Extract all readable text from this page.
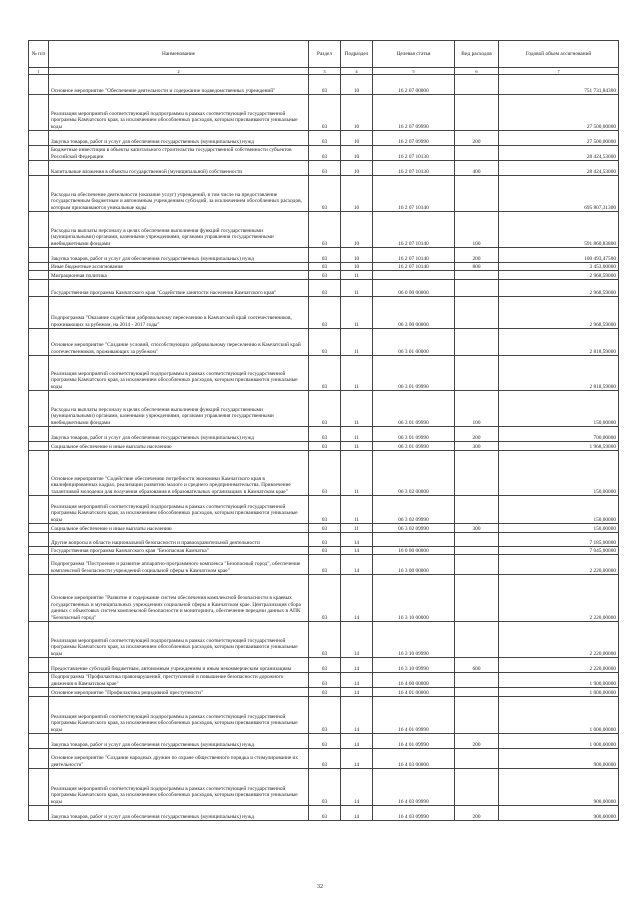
№ п/п	Наименование	Раздел	Подраздел	Целевая статья	Вид расходов	Годовой объем ассигнований
1	2	3	4	5	6	7
	Основное мероприятие "Обеспечение деятельности и содержание подведомственных учреждений"	03	10	16 2 07 00000		751 731,84300
	Реализация мероприятий соответствующей подпрограммы в рамках соответствующей государственной программы Камчатского края, за исключением обособленных расходов, которым присваиваются уникальные коды	03	10	16 2 07 09990		27 500,00000
	Закупка товаров, работ и услуг для обеспечения государственных (муниципальных) нужд	03	10	16 2 07 09990	200	27 500,00000
	Бюджетные инвестиции в объекты капитального строительства государственной собственности субъектов Российской Федерации	03	10	16 2 07 10130		28 424,53000
	Капитальные вложения в объекты государственной (муниципальной) собственности	03	10	16 2 07 10130	400	28 424,53000
	Расходы на обеспечение деятельности (оказание услуг) учреждений, в том числе на предоставление государственным бюджетным и автономным учреждениям субсидий, за исключением обособленных расходов, которым присваиваются уникальные коды	03	10	16 2 07 10140		695 807,31300
	Расходы на выплаты персоналу в целях обеспечения выполнения функций государственными (муниципальными) органами, казенными учреждениями, органами управления государственными внебюджетными фондами	03	10	16 2 07 10140	100	591 860,83800
	Закупка товаров, работ и услуг для обеспечения государственных (муниципальных) нужд	03	10	16 2 07 10140	200	100 493,47500
	Иные бюджетные ассигнования	03	10	16 2 07 10140	800	3 453,00000
	Миграционная политика	03	11			2 968,59000
	Государственная программа Камчатского края "Содействие занятости населения Камчатского края"	03	11	06 0 00 00000		2 968,59000
	Подпрограмма "Оказание содействия добровольному переселению в Камчатский край соотечественников, проживающих за рубежом, на 2014 - 2017 годы"	03	11	06 3 00 00000		2 968,59000
	Основное мероприятие "Создание условий, способствующих добровольному переселению в Камчатский край соотечественников, проживающих за рубежом"	03	11	06 3 01 00000		2 818,59000
	Реализация мероприятий соответствующей подпрограммы в рамках соответствующей государственной программы Камчатского края, за исключением обособленных расходов, которым присваиваются уникальные коды	03	11	06 3 01 09990		2 818,59000
	Расходы на выплаты персоналу в целях обеспечения выполнения функций государственными (муниципальными) органами, казенными учреждениями, органами управления государственными внебюджетными фондами	03	11	06 3 01 09990	100	150,00000
	Закупка товаров, работ и услуг для обеспечения государственных (муниципальных) нужд	03	11	06 3 01 09990	200	700,00000
	Социальное обеспечение и иные выплаты населению	03	11	06 3 01 09990	300	1 968,59000
	Основное мероприятие "Содействие обеспечению потребности экономики Камчатского края в квалифицированных кадрах, реализации развитию малого и среднего предпринимательства. Привлечение талантливой молодежи для получения образования в образовательных организациях в Камчатском крае"	03	11	06 3 02 00000		150,00000
	Реализация мероприятий соответствующей подпрограммы в рамках соответствующей государственной программы Камчатского края, за исключением обособленных расходов, которым присваиваются уникальные коды	03	11	06 3 02 09990		150,00000
	Социальное обеспечение и иные выплаты населению	03	11	06 3 02 09990	300	150,00000
	Другие вопросы в области национальной безопасности и правоохранительной деятельности	03	14			7 185,00000
	Государственная программа Камчатского края "Безопасная Камчатка"	03	14	16 0 00 00000		7 045,00000
	Подпрограмма "Построение и развитие аппаратно-программного комплекса "Безопасный город", обеспечение комплексной безопасности учреждений социальной сферы в Камчатском крае"	03	14	16 3 00 00000		2 220,00000
	Основное мероприятие "Развитие и содержание систем обеспечения комплексной безопасности в краевых государственных и муниципальных учреждениях социальной сферы в Камчатском крае. Централизация сбора данных с объектовых систем комплексной безопасности и мониторинга, обеспечение передачи данных в АПК "Безопасный город"	03	14	16 3 10 00000		2 220,00000
	Реализация мероприятий соответствующей подпрограммы в рамках соответствующей государственной программы Камчатского края, за исключением обособленных расходов, которым присваиваются уникальные коды	03	14	16 3 10 09990		2 220,00000
	Предоставление субсидий бюджетным, автономным учреждениям и иным некоммерческим организациям	03	14	16 3 10 09990	600	2 220,00000
	Подпрограмма "Профилактика правонарушений, преступлений и повышение безопасности дорожного движения в Камчатском крае"	03	14	16 4 00 00000		1 900,00000
	Основное мероприятие "Профилактика рецидивной преступности"	03	14	16 4 01 00000		1 000,00000
	Реализация мероприятий соответствующей подпрограммы в рамках соответствующей государственной программы Камчатского края, за исключением обособленных расходов, которым присваиваются уникальные коды	03	14	16 4 01 09990		1 000,00000
	Закупка товаров, работ и услуг для обеспечения государственных (муниципальных) нужд	03	14	16 4 01 09990	200	1 000,00000
	Основное мероприятие "Создание народных дружин по охране общественного порядка и стимулирование их деятельности"	03	14	16 4 03 00000		900,00000
	Реализация мероприятий соответствующей подпрограммы в рамках соответствующей государственной программы Камчатского края, за исключением обособленных расходов, которым присваиваются уникальные коды	03	14	16 4 03 09990		900,00000
	Закупка товаров, работ и услуг для обеспечения государственных (муниципальных) нужд	03	14	16 4 03 09990	200	900,00000
32
